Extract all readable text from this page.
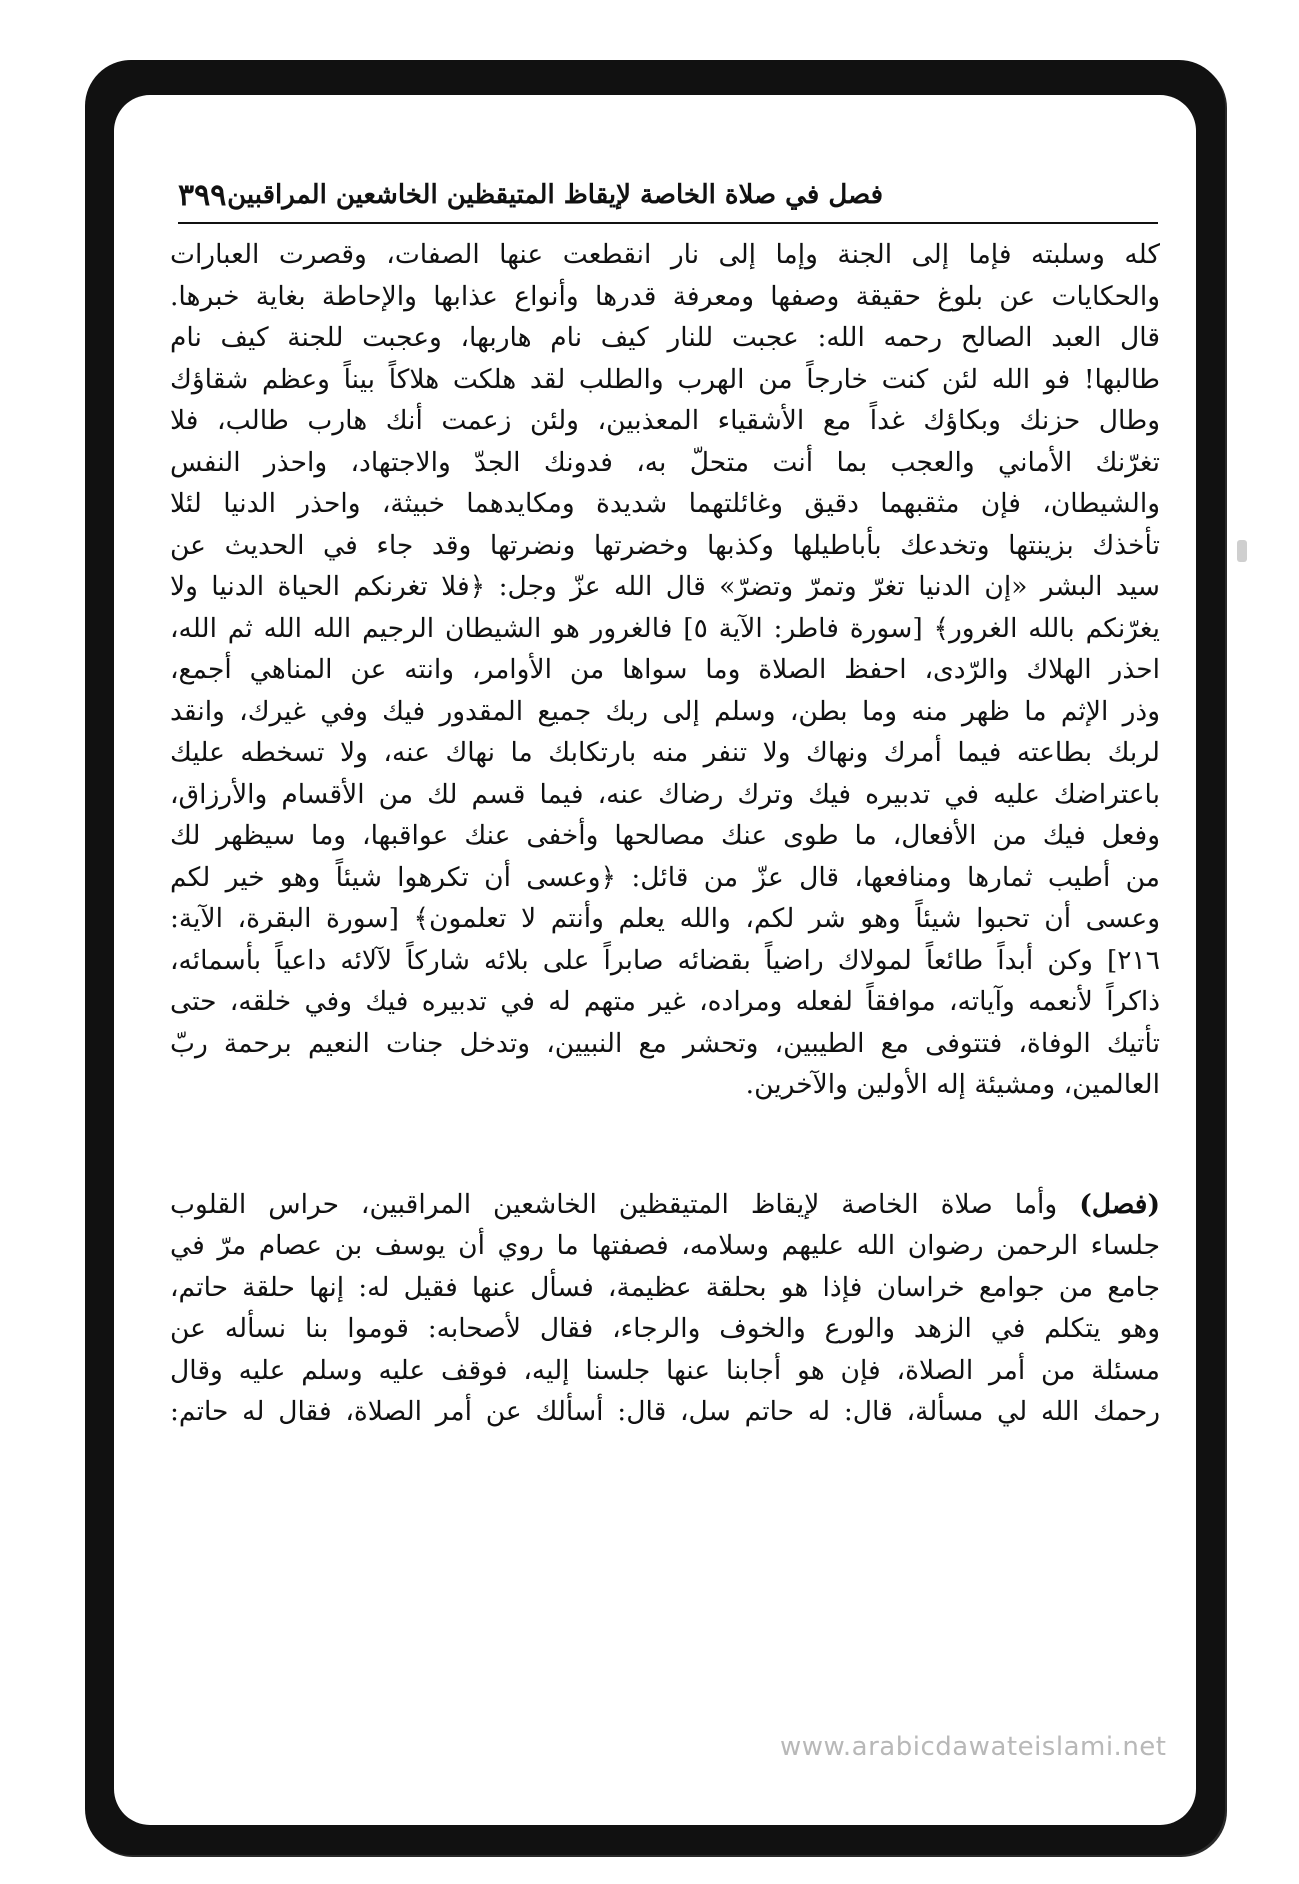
فصل في صلاة الخاصة لإيقاظ المتيقظين الخاشعين المراقبين
٣٩٩
كله وسلبته فإما إلى الجنة وإما إلى نار انقطعت عنها الصفات، وقصرت العبارات
والحكايات عن بلوغ حقيقة وصفها ومعرفة قدرها وأنواع عذابها والإحاطة بغاية خبرها.
قال العبد الصالح رحمه الله: عجبت للنار كيف نام هاربها، وعجبت للجنة كيف نام
طالبها! فو الله لئن كنت خارجاً من الهرب والطلب لقد هلكت هلاكاً بيناً وعظم شقاؤك
وطال حزنك وبكاؤك غداً مع الأشقياء المعذبين، ولئن زعمت أنك هارب طالب، فلا
تغرّنك الأماني والعجب بما أنت متحلّ به، فدونك الجدّ والاجتهاد، واحذر النفس
والشيطان، فإن مثقبهما دقيق وغائلتهما شديدة ومكايدهما خبيثة، واحذر الدنيا لئلا
تأخذك بزينتها وتخدعك بأباطيلها وكذبها وخضرتها ونضرتها وقد جاء في الحديث عن
سيد البشر «إن الدنيا تغرّ وتمرّ وتضرّ» قال الله عزّ وجل: ﴿فلا تغرنكم الحياة الدنيا ولا
يغرّنكم بالله الغرور﴾ [سورة فاطر: الآية ٥] فالغرور هو الشيطان الرجيم الله الله ثم الله،
احذر الهلاك والرّدى، احفظ الصلاة وما سواها من الأوامر، وانته عن المناهي أجمع،
وذر الإثم ما ظهر منه وما بطن، وسلم إلى ربك جميع المقدور فيك وفي غيرك، وانقد
لربك بطاعته فيما أمرك ونهاك ولا تنفر منه بارتكابك ما نهاك عنه، ولا تسخطه عليك
باعتراضك عليه في تدبيره فيك وترك رضاك عنه، فيما قسم لك من الأقسام والأرزاق،
وفعل فيك من الأفعال، ما طوى عنك مصالحها وأخفى عنك عواقبها، وما سيظهر لك
من أطيب ثمارها ومنافعها، قال عزّ من قائل: ﴿وعسى أن تكرهوا شيئاً وهو خير لكم
وعسى أن تحبوا شيئاً وهو شر لكم، والله يعلم وأنتم لا تعلمون﴾ [سورة البقرة، الآية:
٢١٦] وكن أبداً طائعاً لمولاك راضياً بقضائه صابراً على بلائه شاركاً لآلائه داعياً بأسمائه،
ذاكراً لأنعمه وآياته، موافقاً لفعله ومراده، غير متهم له في تدبيره فيك وفي خلقه، حتى
تأتيك الوفاة، فتتوفى مع الطيبين، وتحشر مع النبيين، وتدخل جنات النعيم برحمة ربّ
العالمين، ومشيئة إله الأولين والآخرين.
(فصل) وأما صلاة الخاصة لإيقاظ المتيقظين الخاشعين المراقبين، حراس القلوب
جلساء الرحمن رضوان الله عليهم وسلامه، فصفتها ما روي أن يوسف بن عصام مرّ في
جامع من جوامع خراسان فإذا هو بحلقة عظيمة، فسأل عنها فقيل له: إنها حلقة حاتم،
وهو يتكلم في الزهد والورع والخوف والرجاء، فقال لأصحابه: قوموا بنا نسأله عن
مسئلة من أمر الصلاة، فإن هو أجابنا عنها جلسنا إليه، فوقف عليه وسلم عليه وقال
رحمك الله لي مسألة، قال: له حاتم سل، قال: أسألك عن أمر الصلاة، فقال له حاتم:
www.arabicdawateislami.net
